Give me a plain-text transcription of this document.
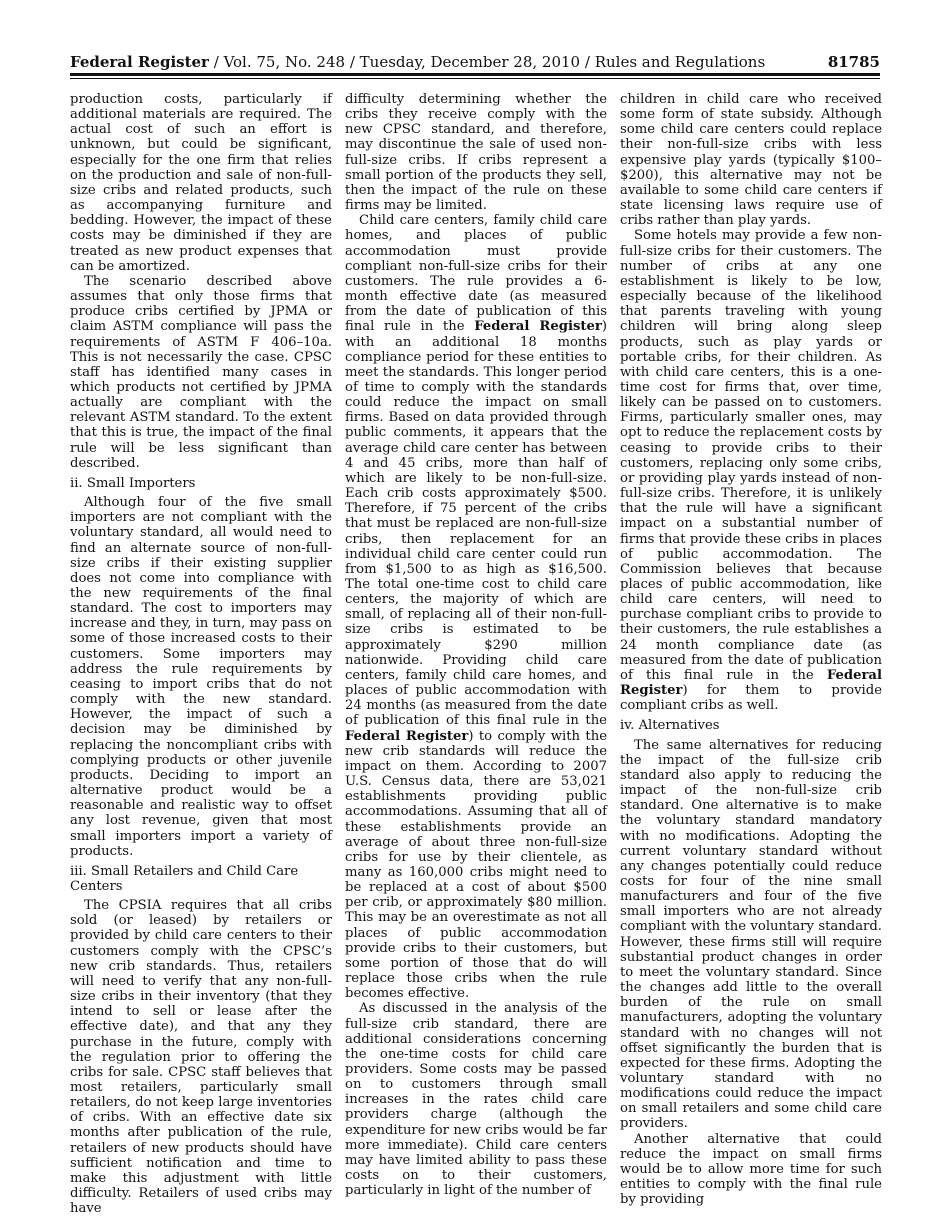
Federal Register / Vol. 75, No. 248 / Tuesday, December 28, 2010 / Rules and Regulations	81785

production costs, particularly if additional materials are required. The actual cost of such an effort is unknown, but could be significant, especially for the one firm that relies on the production and sale of non-full-size cribs and related products, such as accompanying furniture and bedding. However, the impact of these costs may be diminished if they are treated as new product expenses that can be amortized.

The scenario described above assumes that only those firms that produce cribs certified by JPMA or claim ASTM compliance will pass the requirements of ASTM F 406–10a. This is not necessarily the case. CPSC staff has identified many cases in which products not certified by JPMA actually are compliant with the relevant ASTM standard. To the extent that this is true, the impact of the final rule will be less significant than described.

ii. Small Importers

Although four of the five small importers are not compliant with the voluntary standard, all would need to find an alternate source of non-full-size cribs if their existing supplier does not come into compliance with the new requirements of the final standard. The cost to importers may increase and they, in turn, may pass on some of those increased costs to their customers. Some importers may address the rule requirements by ceasing to import cribs that do not comply with the new standard. However, the impact of such a decision may be diminished by replacing the noncompliant cribs with complying products or other juvenile products. Deciding to import an alternative product would be a reasonable and realistic way to offset any lost revenue, given that most small importers import a variety of products.

iii. Small Retailers and Child Care Centers

The CPSIA requires that all cribs sold (or leased) by retailers or provided by child care centers to their customers comply with the CPSC’s new crib standards. Thus, retailers will need to verify that any non-full-size cribs in their inventory (that they intend to sell or lease after the effective date), and that any they purchase in the future, comply with the regulation prior to offering the cribs for sale. CPSC staff believes that most retailers, particularly small retailers, do not keep large inventories of cribs. With an effective date six months after publication of the rule, retailers of new products should have sufficient notification and time to make this adjustment with little difficulty. Retailers of used cribs may have

difficulty determining whether the cribs they receive comply with the new CPSC standard, and therefore, may discontinue the sale of used non-full-size cribs. If cribs represent a small portion of the products they sell, then the impact of the rule on these firms may be limited.

Child care centers, family child care homes, and places of public accommodation must provide compliant non-full-size cribs for their customers. The rule provides a 6-month effective date (as measured from the date of publication of this final rule in the Federal Register) with an additional 18 months compliance period for these entities to meet the standards. This longer period of time to comply with the standards could reduce the impact on small firms. Based on data provided through public comments, it appears that the average child care center has between 4 and 45 cribs, more than half of which are likely to be non-full-size. Each crib costs approximately $500. Therefore, if 75 percent of the cribs that must be replaced are non-full-size cribs, then replacement for an individual child care center could run from $1,500 to as high as $16,500. The total one-time cost to child care centers, the majority of which are small, of replacing all of their non-full-size cribs is estimated to be approximately $290 million nationwide. Providing child care centers, family child care homes, and places of public accommodation with 24 months (as measured from the date of publication of this final rule in the Federal Register) to comply with the new crib standards will reduce the impact on them. According to 2007 U.S. Census data, there are 53,021 establishments providing public accommodations. Assuming that all of these establishments provide an average of about three non-full-size cribs for use by their clientele, as many as 160,000 cribs might need to be replaced at a cost of about $500 per crib, or approximately $80 million. This may be an overestimate as not all places of public accommodation provide cribs to their customers, but some portion of those that do will replace those cribs when the rule becomes effective.

As discussed in the analysis of the full-size crib standard, there are additional considerations concerning the one-time costs for child care providers. Some costs may be passed on to customers through small increases in the rates child care providers charge (although the expenditure for new cribs would be far more immediate). Child care centers may have limited ability to pass these costs on to their customers, particularly in light of the number of

children in child care who received some form of state subsidy. Although some child care centers could replace their non-full-size cribs with less expensive play yards (typically $100–$200), this alternative may not be available to some child care centers if state licensing laws require use of cribs rather than play yards.

Some hotels may provide a few non-full-size cribs for their customers. The number of cribs at any one establishment is likely to be low, especially because of the likelihood that parents traveling with young children will bring along sleep products, such as play yards or portable cribs, for their children. As with child care centers, this is a one-time cost for firms that, over time, likely can be passed on to customers. Firms, particularly smaller ones, may opt to reduce the replacement costs by ceasing to provide cribs to their customers, replacing only some cribs, or providing play yards instead of non-full-size cribs. Therefore, it is unlikely that the rule will have a significant impact on a substantial number of firms that provide these cribs in places of public accommodation. The Commission believes that because places of public accommodation, like child care centers, will need to purchase compliant cribs to provide to their customers, the rule establishes a 24 month compliance date (as measured from the date of publication of this final rule in the Federal Register) for them to provide compliant cribs as well.

iv. Alternatives

The same alternatives for reducing the impact of the full-size crib standard also apply to reducing the impact of the non-full-size crib standard. One alternative is to make the voluntary standard mandatory with no modifications. Adopting the current voluntary standard without any changes potentially could reduce costs for four of the nine small manufacturers and four of the five small importers who are not already compliant with the voluntary standard. However, these firms still will require substantial product changes in order to meet the voluntary standard. Since the changes add little to the overall burden of the rule on small manufacturers, adopting the voluntary standard with no changes will not offset significantly the burden that is expected for these firms. Adopting the voluntary standard with no modifications could reduce the impact on small retailers and some child care providers.

Another alternative that could reduce the impact on small firms would be to allow more time for such entities to comply with the final rule by providing
